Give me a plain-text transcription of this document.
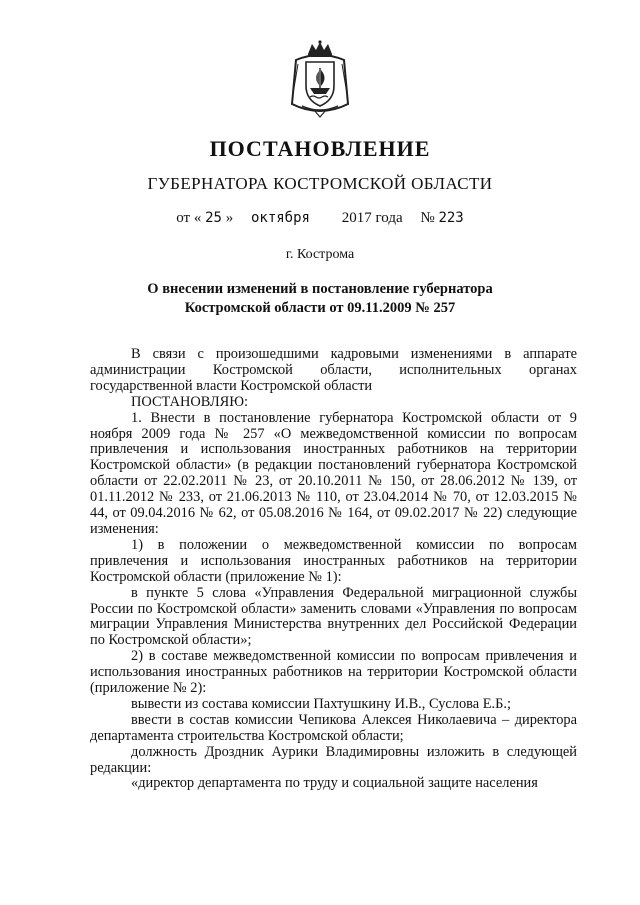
ПОСТАНОВЛЕНИЕ
ГУБЕРНАТОРА КОСТРОМСКОЙ ОБЛАСТИ
от « 25 » октября 2017 года № 223
г. Кострома
О внесении изменений в постановление губернатора
Костромской области от 09.11.2009 № 257

В связи с произошедшими кадровыми изменениями в аппарате администрации Костромской области, исполнительных органах государственной власти Костромской области

ПОСТАНОВЛЯЮ:

1. Внести в постановление губернатора Костромской области от 9 ноября 2009 года № 257 «О межведомственной комиссии по вопросам привлечения и использования иностранных работников на территории Костромской области» (в редакции постановлений губернатора Костромской области от 22.02.2011 № 23, от 20.10.2011 № 150, от 28.06.2012 № 139, от 01.11.2012 № 233, от 21.06.2013 № 110, от 23.04.2014 № 70, от 12.03.2015 № 44, от 09.04.2016 № 62, от 05.08.2016 № 164, от 09.02.2017 № 22) следующие изменения:

1) в положении о межведомственной комиссии по вопросам привлечения и использования иностранных работников на территории Костромской области (приложение № 1):

в пункте 5 слова «Управления Федеральной миграционной службы России по Костромской области» заменить словами «Управления по вопросам миграции Управления Министерства внутренних дел Российской Федерации по Костромской области»;

2) в составе межведомственной комиссии по вопросам привлечения и использования иностранных работников на территории Костромской области (приложение № 2):

вывести из состава комиссии Пахтушкину И.В., Суслова Е.Б.;

ввести в состав комиссии Чепикова Алексея Николаевича – директора департамента строительства Костромской области;

должность Дроздник Аурики Владимировны изложить в следующей редакции:

«директор департамента по труду и социальной защите населения
